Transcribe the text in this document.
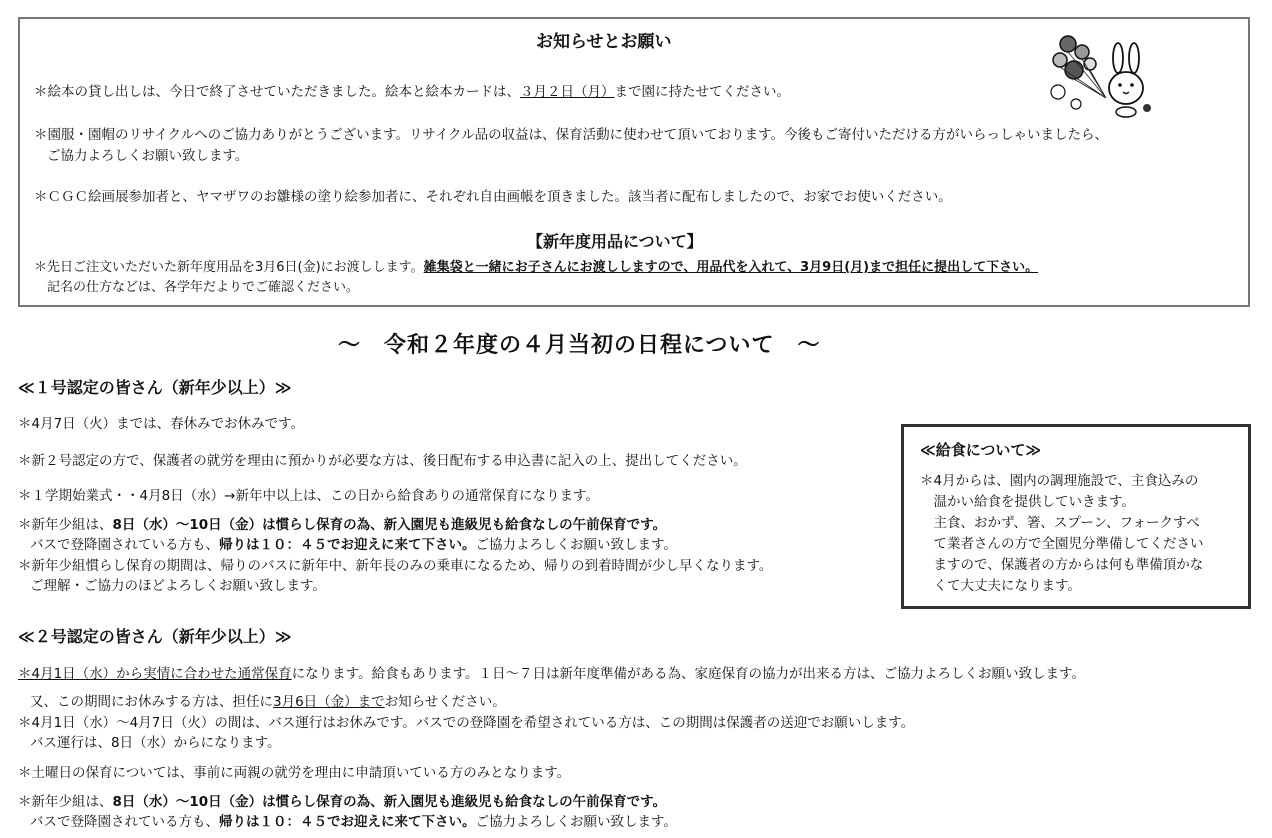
お知らせとお願い
＊絵本の貸し出しは、今日で終了させていただきました。絵本と絵本カードは、３月２日（月）まで園に持たせてください。
＊園服・園帽のリサイクルへのご協力ありがとうございます。リサイクル品の収益は、保育活動に使わせて頂いております。今後もご寄付いただける方がいらっしゃいましたら、
ご協力よろしくお願い致します。
＊ＣＧＣ絵画展参加者と、ヤマザワのお雛様の塗り絵参加者に、それぞれ自由画帳を頂きました。該当者に配布しましたので、お家でお使いください。
【新年度用品について】
＊先日ご注文いただいた新年度用品を3月6日(金)にお渡しします。雑集袋と一緒にお子さんにお渡ししますので、用品代を入れて、3月9日(月)まで担任に提出して下さい。
記名の仕方などは、各学年だよりでご確認ください。
～　令和２年度の４月当初の日程について　～
≪１号認定の皆さん（新年少以上）≫
＊4月7日（火）までは、春休みでお休みです。
＊新２号認定の方で、保護者の就労を理由に預かりが必要な方は、後日配布する申込書に記入の上、提出してください。
＊１学期始業式・・4月8日（水）→新年中以上は、この日から給食ありの通常保育になります。
＊新年少組は、8日（水）～10日（金）は慣らし保育の為、新入園児も進級児も給食なしの午前保育です。
バスで登降園されている方も、帰りは１０：４５でお迎えに来て下さい。ご協力よろしくお願い致します。
＊新年少組慣らし保育の期間は、帰りのバスに新年中、新年長のみの乗車になるため、帰りの到着時間が少し早くなります。
ご理解・ご協力のほどよろしくお願い致します。
≪給食について≫
＊4月からは、園内の調理施設で、主食込みの
　温かい給食を提供していきます。
　主食、おかず、箸、スプーン、フォークすべ
　て業者さんの方で全園児分準備してください
　ますので、保護者の方からは何も準備頂かな
　くて大丈夫になります。
≪２号認定の皆さん（新年少以上）≫
＊4月1日（水）から実情に合わせた通常保育になります。給食もあります。１日～７日は新年度準備がある為、家庭保育の協力が出来る方は、ご協力よろしくお願い致します。
又、この期間にお休みする方は、担任に3月6日（金）までお知らせください。
＊4月1日（水）～4月7日（火）の間は、バス運行はお休みです。バスでの登降園を希望されている方は、この期間は保護者の送迎でお願いします。
バス運行は、8日（水）からになります。
＊土曜日の保育については、事前に両親の就労を理由に申請頂いている方のみとなります。
＊新年少組は、8日（水）～10日（金）は慣らし保育の為、新入園児も進級児も給食なしの午前保育です。
バスで登降園されている方も、帰りは１０：４５でお迎えに来て下さい。ご協力よろしくお願い致します。
